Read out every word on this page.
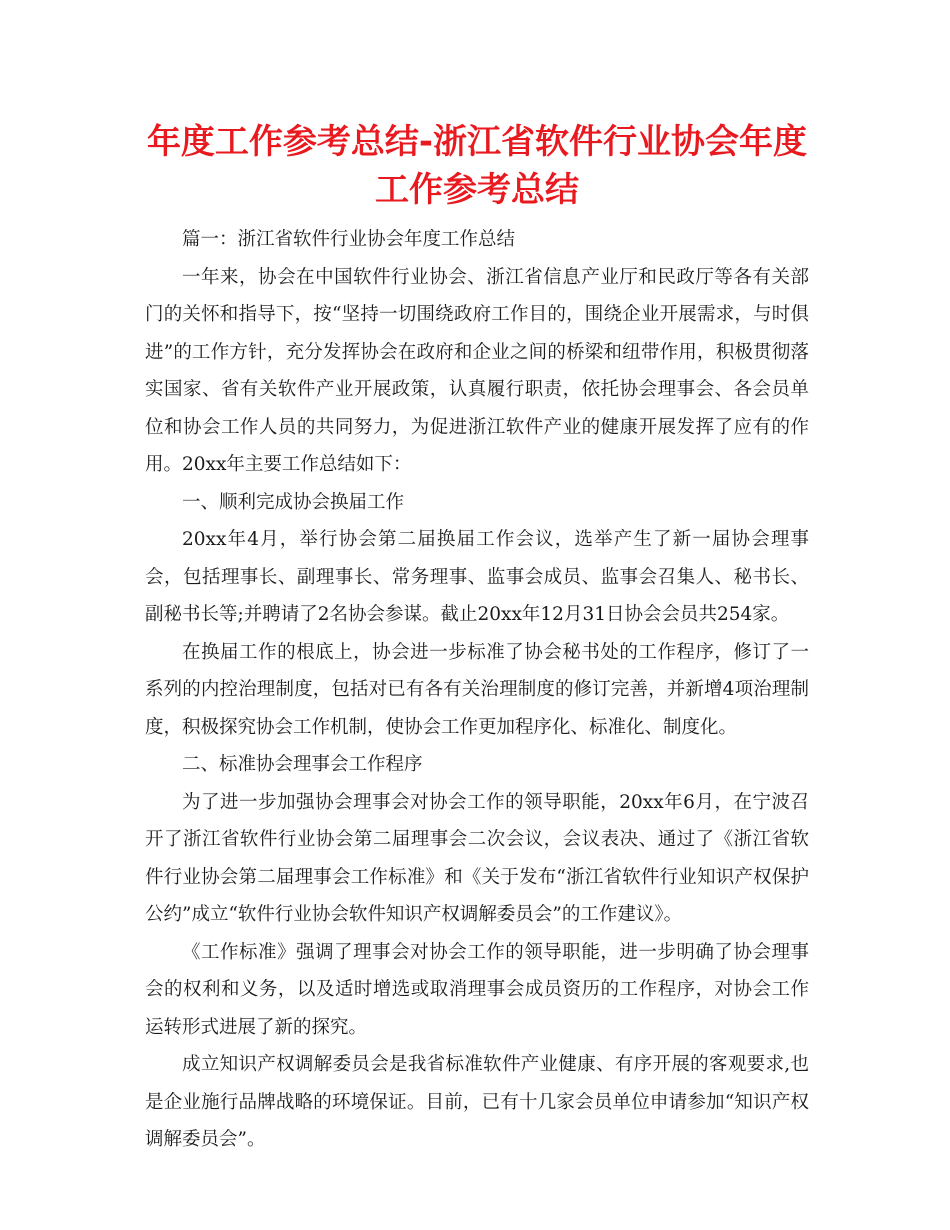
年度工作参考总结-浙江省软件行业协会年度工作参考总结

篇一：浙江省软件行业协会年度工作总结

一年来，协会在中国软件行业协会、浙江省信息产业厅和民政厅等各有关部门的关怀和指导下，按“坚持一切围绕政府工作目的，围绕企业开展需求，与时俱进”的工作方针，充分发挥协会在政府和企业之间的桥梁和纽带作用，积极贯彻落实国家、省有关软件产业开展政策，认真履行职责，依托协会理事会、各会员单位和协会工作人员的共同努力，为促进浙江软件产业的健康开展发挥了应有的作用。20xx年主要工作总结如下：

一、顺利完成协会换届工作

20xx年4月，举行协会第二届换届工作会议，选举产生了新一届协会理事会，包括理事长、副理事长、常务理事、监事会成员、监事会召集人、秘书长、副秘书长等;并聘请了2名协会参谋。截止20xx年12月31日协会会员共254家。

在换届工作的根底上，协会进一步标准了协会秘书处的工作程序，修订了一系列的内控治理制度，包括对已有各有关治理制度的修订完善，并新增4项治理制度，积极探究协会工作机制，使协会工作更加程序化、标准化、制度化。

二、标准协会理事会工作程序

为了进一步加强协会理事会对协会工作的领导职能，20xx年6月，在宁波召开了浙江省软件行业协会第二届理事会二次会议，会议表决、通过了《浙江省软件行业协会第二届理事会工作标准》和《关于发布“浙江省软件行业知识产权保护公约”成立“软件行业协会软件知识产权调解委员会”的工作建议》。

《工作标准》强调了理事会对协会工作的领导职能，进一步明确了协会理事会的权利和义务，以及适时增选或取消理事会成员资历的工作程序，对协会工作运转形式进展了新的探究。

成立知识产权调解委员会是我省标准软件产业健康、有序开展的客观要求,也是企业施行品牌战略的环境保证。目前，已有十几家会员单位申请参加“知识产权调解委员会”。
